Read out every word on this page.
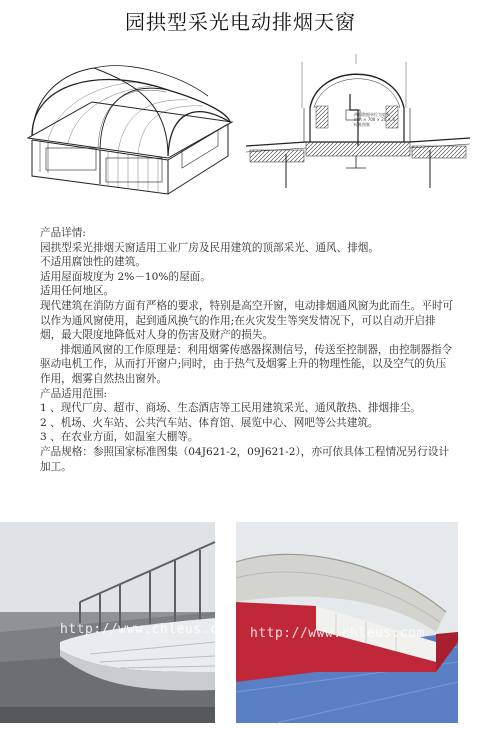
园拱型采光电动排烟天窗
两旧数据单位为毫米
mm × 700 × 20 × 3
标准图集

产品详情:

园拱型采光排烟天窗适用工业厂房及民用建筑的顶部采光、通风、排烟。

不适用腐蚀性的建筑。

适用屋面坡度为 2%－10%的屋面。

适用任何地区。

现代建筑在消防方面有严格的要求，特别是高空开窗，电动排烟通风窗为此而生。平时可以作为通风窗使用，起到通风换气的作用;在火灾发生等突发情况下，可以自动开启排烟，最大限度地降低对人身的伤害及财产的损失。

排烟通风窗的工作原理是：利用烟雾传感器探测信号，传送至控制器，由控制器指令驱动电机工作，从而打开窗户;同时，由于热气及烟雾上升的物理性能，以及空气的负压作用，烟雾自然热出窗外。

产品适用范围:

1 、现代厂房、超市、商场、生态酒店等工民用建筑采光、通风散热、排烟排尘。

2 、机场、火车站、公共汽车站、体育馆、展览中心、网吧等公共建筑。

3 、在农业方面，如温室大棚等。

产品规格：参照国家标准图集（04J621-2，09J621-2），亦可依具体工程情况另行设计加工。

http://www.chleus.com http://www.chleus.com
